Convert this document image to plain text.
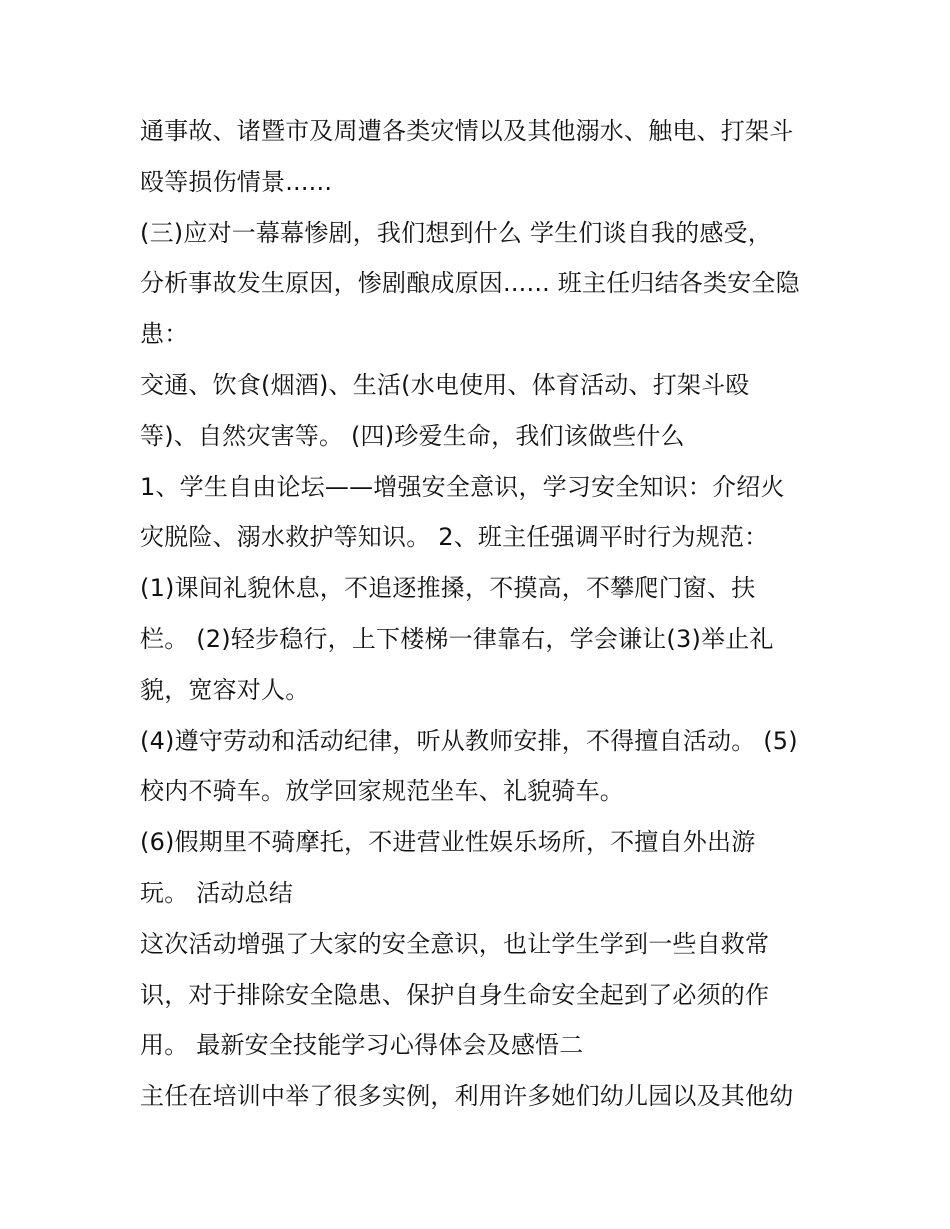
通事故、诸暨市及周遭各类灾情以及其他溺水、触电、打架斗
殴等损伤情景......
(三)应对一幕幕惨剧，我们想到什么 学生们谈自我的感受，
分析事故发生原因，惨剧酿成原因...... 班主任归结各类安全隐
患：
交通、饮食(烟酒)、生活(水电使用、体育活动、打架斗殴
等)、自然灾害等。 (四)珍爱生命，我们该做些什么
1、学生自由论坛——增强安全意识，学习安全知识：介绍火
灾脱险、溺水救护等知识。 2、班主任强调平时行为规范：
(1)课间礼貌休息，不追逐推搡，不摸高，不攀爬门窗、扶
栏。 (2)轻步稳行，上下楼梯一律靠右，学会谦让(3)举止礼
貌，宽容对人。
(4)遵守劳动和活动纪律，听从教师安排，不得擅自活动。 (5)
校内不骑车。放学回家规范坐车、礼貌骑车。
(6)假期里不骑摩托，不进营业性娱乐场所，不擅自外出游
玩。 活动总结
这次活动增强了大家的安全意识，也让学生学到一些自救常
识，对于排除安全隐患、保护自身生命安全起到了必须的作
用。 最新安全技能学习心得体会及感悟二
主任在培训中举了很多实例，利用许多她们幼儿园以及其他幼
